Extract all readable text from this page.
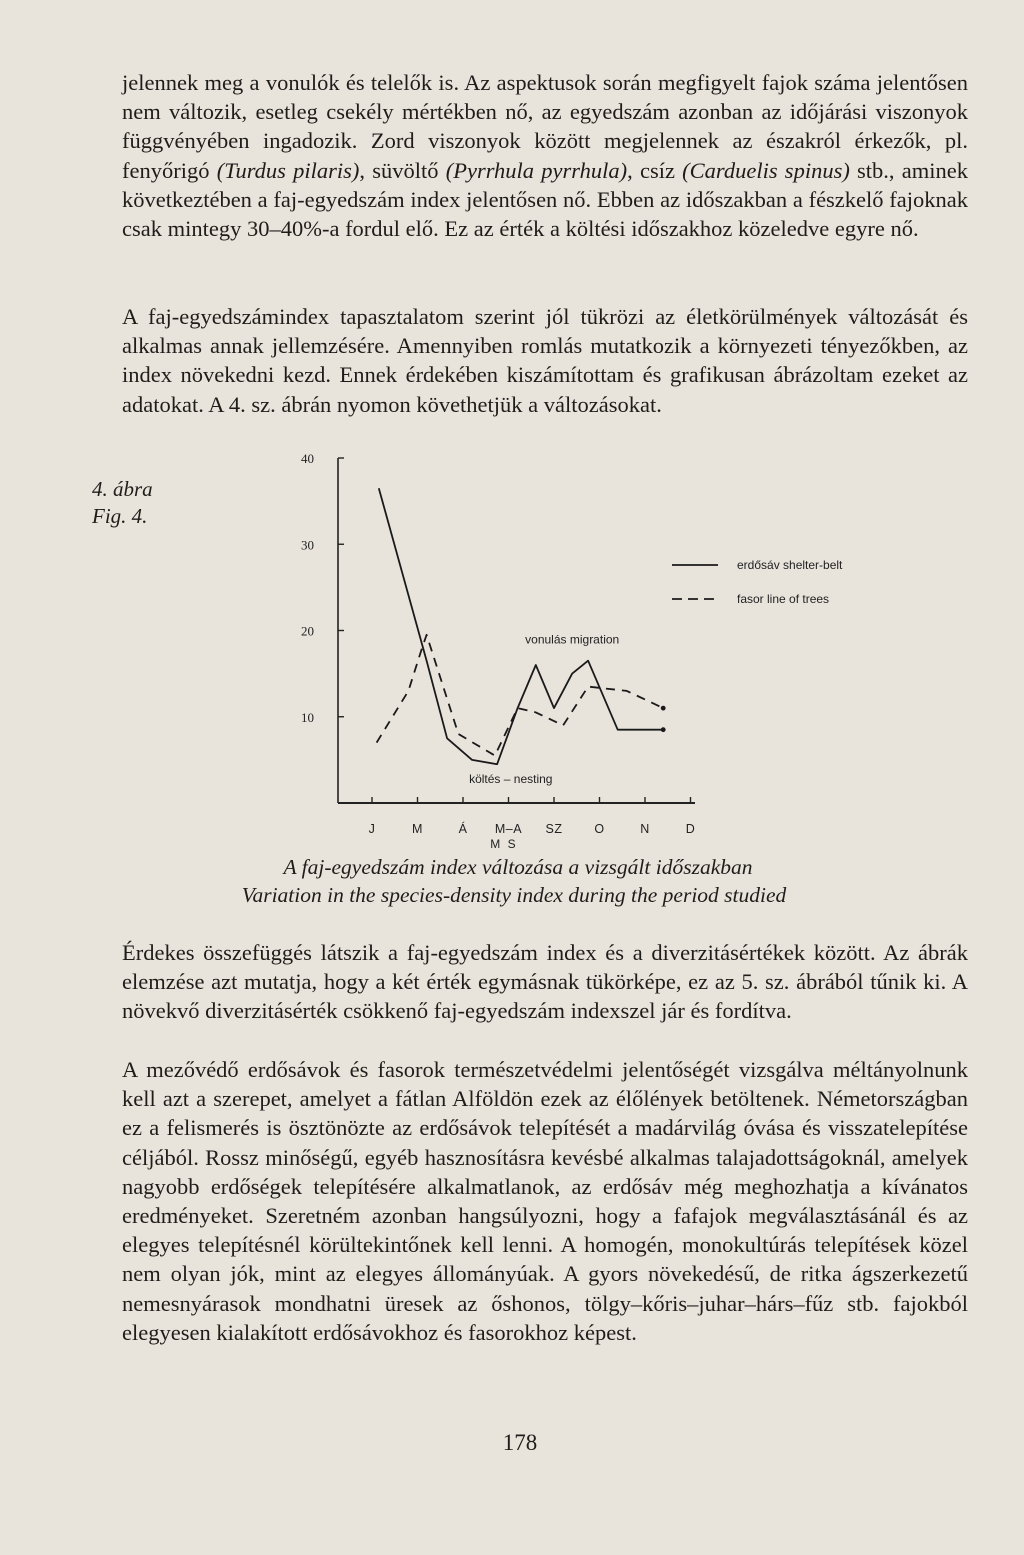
jelennek meg a vonulók és telelők is. Az aspektusok során megfigyelt fajok száma jelentősen nem változik, esetleg csekély mértékben nő, az egyedszám azonban az időjárási viszonyok függvényében ingadozik. Zord viszonyok között megjelennek az északról érkezők, pl. fenyőrigó (Turdus pilaris), süvöltő (Pyrrhula pyrrhula), csíz (Carduelis spinus) stb., aminek következtében a faj-egyedszám index jelentősen nő. Ebben az időszakban a fészkelő fajoknak csak mintegy 30–40%-a fordul elő. Ez az érték a költési időszakhoz közeledve egyre nő.

A faj-egyedszámindex tapasztalatom szerint jól tükrözi az életkörülmények változását és alkalmas annak jellemzésére. Amennyiben romlás mutatkozik a környezeti tényezőkben, az index növekedni kezd. Ennek érdekében kiszámítottam és grafikusan ábrázoltam ezeket az adatokat. A 4. sz. ábrán nyomon követhetjük a változásokat.

4. ábra
Fig. 4.
40
30
20
10
J	M	Á M–A SZ	O	N	D
M S
erdősáv shelter-belt
fasor line of trees
vonulás migration
költés – nesting
A faj-egyedszám index változása a vizsgált időszakban
Variation in the species-density index during the period studied

Érdekes összefüggés látszik a faj-egyedszám index és a diverzitásértékek között. Az ábrák elemzése azt mutatja, hogy a két érték egymásnak tükörképe, ez az 5. sz. ábrából tűnik ki. A növekvő diverzitásérték csökkenő faj-egyedszám indexszel jár és fordítva.

A mezővédő erdősávok és fasorok természetvédelmi jelentőségét vizsgálva méltányolnunk kell azt a szerepet, amelyet a fátlan Alföldön ezek az élőlények betöltenek. Németországban ez a felismerés is ösztönözte az erdősávok telepítését a madárvilág óvása és visszatelepítése céljából. Rossz minőségű, egyéb hasznosításra kevésbé alkalmas talajadottságoknál, amelyek nagyobb erdőségek telepítésére alkalmatlanok, az erdősáv még meghozhatja a kívánatos eredményeket. Szeretném azonban hangsúlyozni, hogy a fafajok megválasztásánál és az elegyes telepítésnél körültekintőnek kell lenni. A homogén, monokultúrás telepítések közel nem olyan jók, mint az elegyes állományúak. A gyors növekedésű, de ritka ágszerkezetű nemesnyárasok mondhatni üresek az őshonos, tölgy–kőris–juhar–hárs–fűz stb. fajokból elegyesen kialakított erdősávokhoz és fasorokhoz képest.

178
